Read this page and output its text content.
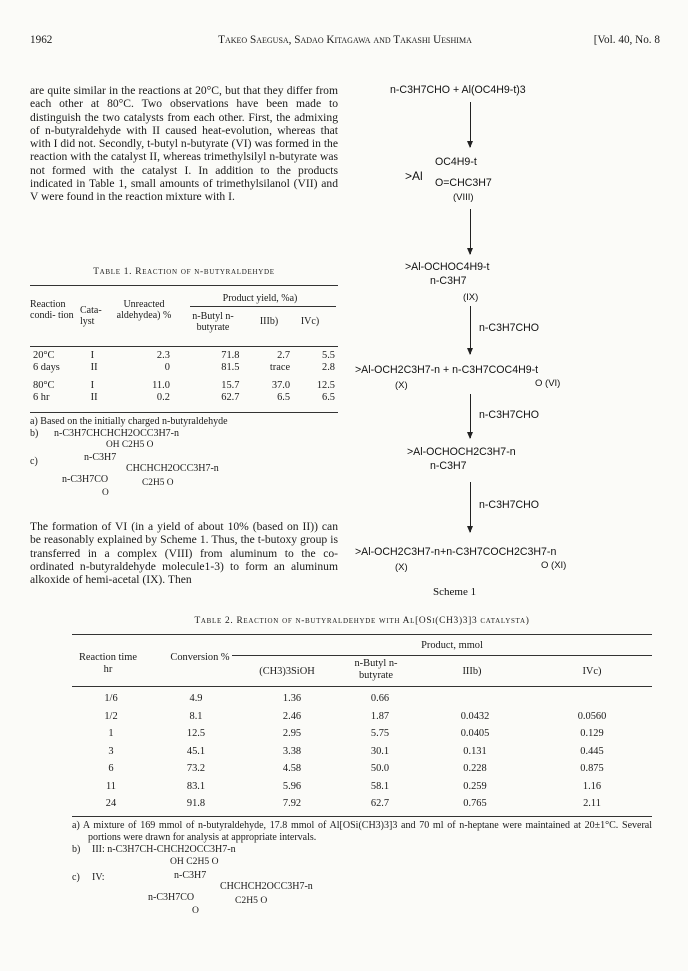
1962	Takeo Saegusa, Sadao Kitagawa and Takashi Ueshima	[Vol. 40, No. 8
are quite similar in the reactions at 20°C, but that they differ from each other at 80°C. Two observations have been made to distinguish the two catalysts from each other. First, the admixing of n-butyraldehyde with II caused heat-evolution, whereas that with I did not. Secondly, t-butyl n-butyrate (VI) was formed in the reaction with the catalyst II, whereas trimethylsilyl n-butyrate was not formed with the catalyst I. In addition to the products indicated in Table 1, small amounts of trimethylsilanol (VII) and V were found in the reaction mixture with I.
Table 1. Reaction of n-butyraldehyde
Reaction condi- tion Cata- lyst
Unreacted aldehydea) %
Product yield, %a)
n-Butyl n-butyrate
IIIb)	IVc)
20°C	I	2.3	71.8	2.7	5.5
6 days	II	0	81.5	trace	2.8
80°C	I	11.0	15.7	37.0	12.5
6 hr	II	0.2	62.7	6.5	6.5
a) Based on the initially charged n-butyraldehyde
b) n-C3H7CHCHCH2OCC3H7-n
OH C2H5 O
c)	n-C3H7
CHCHCH2OCC3H7-n
n-C3H7CO	C2H5 O
O
The formation of VI (in a yield of about 10% (based on II)) can be reasonably explained by Scheme 1. Thus, the t-butoxy group is transferred in a complex (VIII) from aluminum to the co-ordinated n-butyraldehyde molecule1-3) to form an aluminum alkoxide of hemi-acetal (IX). Then
n-C3H7CHO + Al(OC4H9-t)3
>Al
OC4H9-t
O=CHC3H7
(VIII)
>Al-OCHOC4H9-t
n-C3H7
(IX)
n-C3H7CHO
>Al-OCH2C3H7-n + n-C3H7COC4H9-t
(X)	O (VI)
n-C3H7CHO
>Al-OCHOCH2C3H7-n
n-C3H7
n-C3H7CHO
>Al-OCH2C3H7-n+n-C3H7COCH2C3H7-n
(X)	O (XI)
Scheme 1
Table 2. Reaction of n-butyraldehyde with Al[OSi(CH3)3]3 catalysta)
Reaction time hr
Conversion %
Product, mmol
(CH3)3SiOH
n-Butyl n-butyrate	IIIb)	IVc)
1/6	4.9	1.36	0.66		
1/2	8.1	2.46	1.87	0.0432	0.0560
1	12.5	2.95	5.75	0.0405	0.129
3	45.1	3.38	30.1	0.131	0.445
6	73.2	4.58	50.0	0.228	0.875
11	83.1	5.96	58.1	0.259	1.16
24	91.8	7.92	62.7	0.765	2.11
a) A mixture of 169 mmol of n-butyraldehyde, 17.8 mmol of Al[OSi(CH3)3]3 and 70 ml of n-heptane were maintained at 20±1°C. Several portions were drawn for analysis at appropriate intervals.
b) III: n-C3H7CH-CHCH2OCC3H7-n
OH C2H5 O
c) IV:	n-C3H7
CHCHCH2OCC3H7-n
n-C3H7CO	C2H5 O
O
